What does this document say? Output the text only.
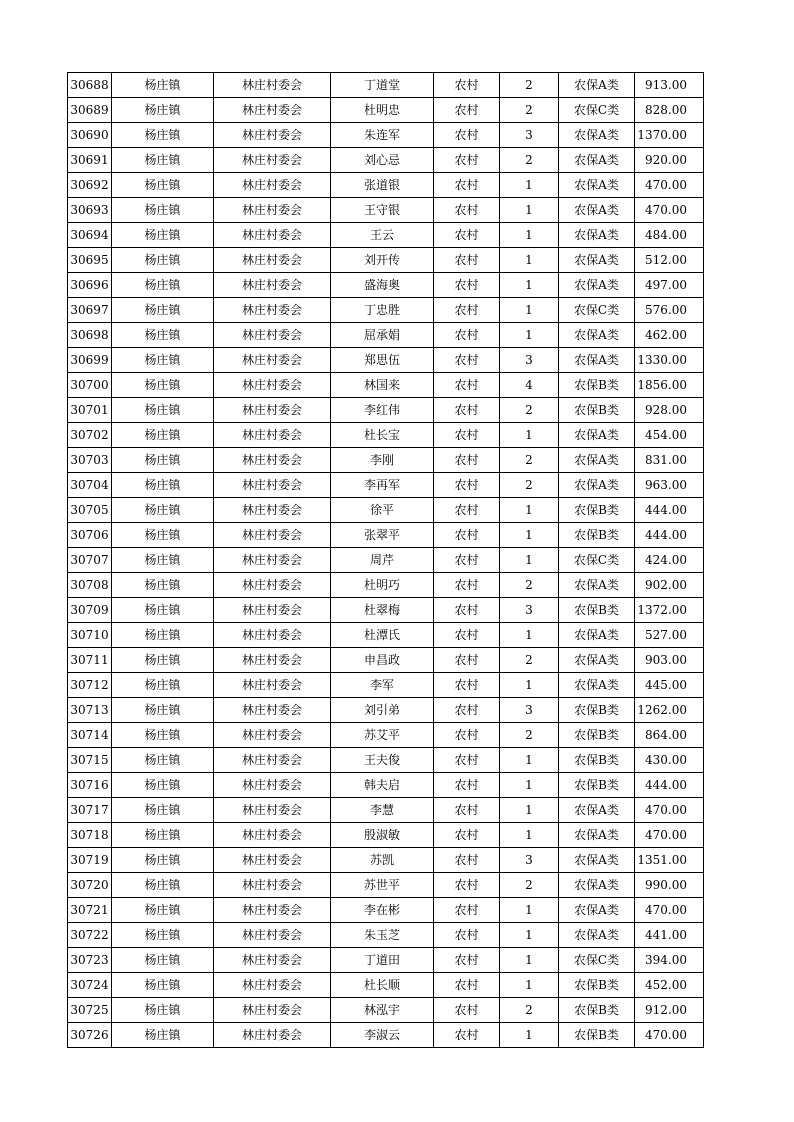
30688	杨庄镇	林庄村委会	丁道堂	农村	2	农保A类	913.00
30689	杨庄镇	林庄村委会	杜明忠	农村	2	农保C类	828.00
30690	杨庄镇	林庄村委会	朱连军	农村	3	农保A类	1370.00
30691	杨庄镇	林庄村委会	刘心忌	农村	2	农保A类	920.00
30692	杨庄镇	林庄村委会	张道银	农村	1	农保A类	470.00
30693	杨庄镇	林庄村委会	王守银	农村	1	农保A类	470.00
30694	杨庄镇	林庄村委会	王云	农村	1	农保A类	484.00
30695	杨庄镇	林庄村委会	刘开传	农村	1	农保A类	512.00
30696	杨庄镇	林庄村委会	盛海奥	农村	1	农保A类	497.00
30697	杨庄镇	林庄村委会	丁忠胜	农村	1	农保C类	576.00
30698	杨庄镇	林庄村委会	屈承娟	农村	1	农保A类	462.00
30699	杨庄镇	林庄村委会	郑思伍	农村	3	农保A类	1330.00
30700	杨庄镇	林庄村委会	林国来	农村	4	农保B类	1856.00
30701	杨庄镇	林庄村委会	李红伟	农村	2	农保B类	928.00
30702	杨庄镇	林庄村委会	杜长宝	农村	1	农保A类	454.00
30703	杨庄镇	林庄村委会	李刚	农村	2	农保A类	831.00
30704	杨庄镇	林庄村委会	李再军	农村	2	农保A类	963.00
30705	杨庄镇	林庄村委会	徐平	农村	1	农保B类	444.00
30706	杨庄镇	林庄村委会	张翠平	农村	1	农保B类	444.00
30707	杨庄镇	林庄村委会	周芹	农村	1	农保C类	424.00
30708	杨庄镇	林庄村委会	杜明巧	农村	2	农保A类	902.00
30709	杨庄镇	林庄村委会	杜翠梅	农村	3	农保B类	1372.00
30710	杨庄镇	林庄村委会	杜潭氏	农村	1	农保A类	527.00
30711	杨庄镇	林庄村委会	申昌政	农村	2	农保A类	903.00
30712	杨庄镇	林庄村委会	李军	农村	1	农保A类	445.00
30713	杨庄镇	林庄村委会	刘引弟	农村	3	农保B类	1262.00
30714	杨庄镇	林庄村委会	苏艾平	农村	2	农保B类	864.00
30715	杨庄镇	林庄村委会	王夫俊	农村	1	农保B类	430.00
30716	杨庄镇	林庄村委会	韩夫启	农村	1	农保B类	444.00
30717	杨庄镇	林庄村委会	李慧	农村	1	农保A类	470.00
30718	杨庄镇	林庄村委会	殷淑敏	农村	1	农保A类	470.00
30719	杨庄镇	林庄村委会	苏凯	农村	3	农保A类	1351.00
30720	杨庄镇	林庄村委会	苏世平	农村	2	农保A类	990.00
30721	杨庄镇	林庄村委会	李在彬	农村	1	农保A类	470.00
30722	杨庄镇	林庄村委会	朱玉芝	农村	1	农保A类	441.00
30723	杨庄镇	林庄村委会	丁道田	农村	1	农保C类	394.00
30724	杨庄镇	林庄村委会	杜长顺	农村	1	农保B类	452.00
30725	杨庄镇	林庄村委会	林泓宇	农村	2	农保B类	912.00
30726	杨庄镇	林庄村委会	李淑云	农村	1	农保B类	470.00
